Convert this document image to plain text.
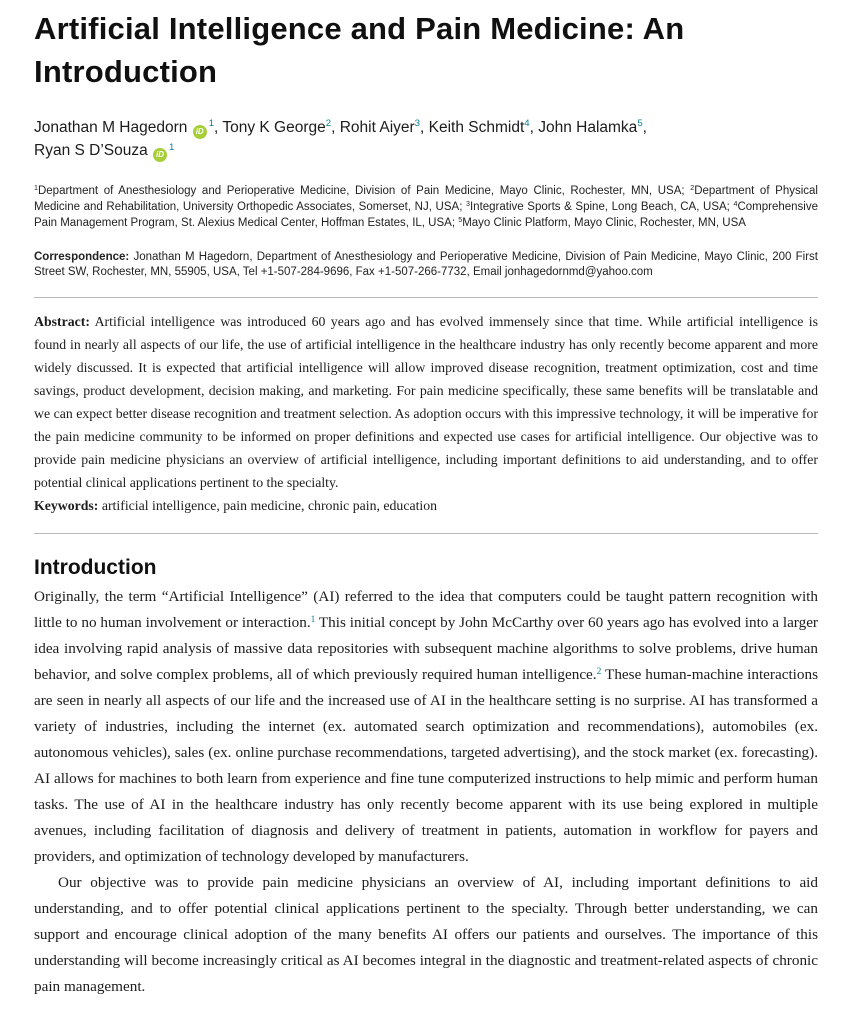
Artificial Intelligence and Pain Medicine: An Introduction

Jonathan M Hagedorn $iD^1$, Tony K George$^2$, Rohit Aiyer$^3$, Keith Schmidt$^4$, John Halamka$^5$,
Ryan S D’Souza $iD^1$

$^1$Department of Anesthesiology and Perioperative Medicine, Division of Pain Medicine, Mayo Clinic, Rochester, MN, USA; $^2$Department of Physical Medicine and Rehabilitation, University Orthopedic Associates, Somerset, NJ, USA; $^3$Integrative Sports & Spine, Long Beach, CA, USA; $^4$Comprehensive Pain Management Program, St. Alexius Medical Center, Hoffman Estates, IL, USA; $^5$Mayo Clinic Platform, Mayo Clinic, Rochester, MN, USA

Correspondence: Jonathan M Hagedorn, Department of Anesthesiology and Perioperative Medicine, Division of Pain Medicine, Mayo Clinic, 200 First Street SW, Rochester, MN, 55905, USA, Tel +1-507-284-9696, Fax +1-507-266-7732, Email jonhagedornmd@yahoo.com

Abstract: Artificial intelligence was introduced 60 years ago and has evolved immensely since that time. While artificial intelligence is found in nearly all aspects of our life, the use of artificial intelligence in the healthcare industry has only recently become apparent and more widely discussed. It is expected that artificial intelligence will allow improved disease recognition, treatment optimization, cost and time savings, product development, decision making, and marketing. For pain medicine specifically, these same benefits will be translatable and we can expect better disease recognition and treatment selection. As adoption occurs with this impressive technology, it will be imperative for the pain medicine community to be informed on proper definitions and expected use cases for artificial intelligence. Our objective was to provide pain medicine physicians an overview of artificial intelligence, including important definitions to aid understanding, and to offer potential clinical applications pertinent to the specialty.

Keywords: artificial intelligence, pain medicine, chronic pain, education

Introduction

Originally, the term “Artificial Intelligence” (AI) referred to the idea that computers could be taught pattern recognition with little to no human involvement or interaction.$^1$ This initial concept by John McCarthy over 60 years ago has evolved into a larger idea involving rapid analysis of massive data repositories with subsequent machine algorithms to solve problems, drive human behavior, and solve complex problems, all of which previously required human intelligence.$^2$ These human-machine interactions are seen in nearly all aspects of our life and the increased use of AI in the healthcare setting is no surprise. AI has transformed a variety of industries, including the internet (ex. automated search optimization and recommendations), automobiles (ex. autonomous vehicles), sales (ex. online purchase recommendations, targeted advertising), and the stock market (ex. forecasting). AI allows for machines to both learn from experience and fine tune computerized instructions to help mimic and perform human tasks. The use of AI in the healthcare industry has only recently become apparent with its use being explored in multiple avenues, including facilitation of diagnosis and delivery of treatment in patients, automation in workflow for payers and providers, and optimization of technology developed by manufacturers.

Our objective was to provide pain medicine physicians an overview of AI, including important definitions to aid understanding, and to offer potential clinical applications pertinent to the specialty. Through better understanding, we can support and encourage clinical adoption of the many benefits AI offers our patients and ourselves. The importance of this understanding will become increasingly critical as AI becomes integral in the diagnostic and treatment-related aspects of chronic pain management.
